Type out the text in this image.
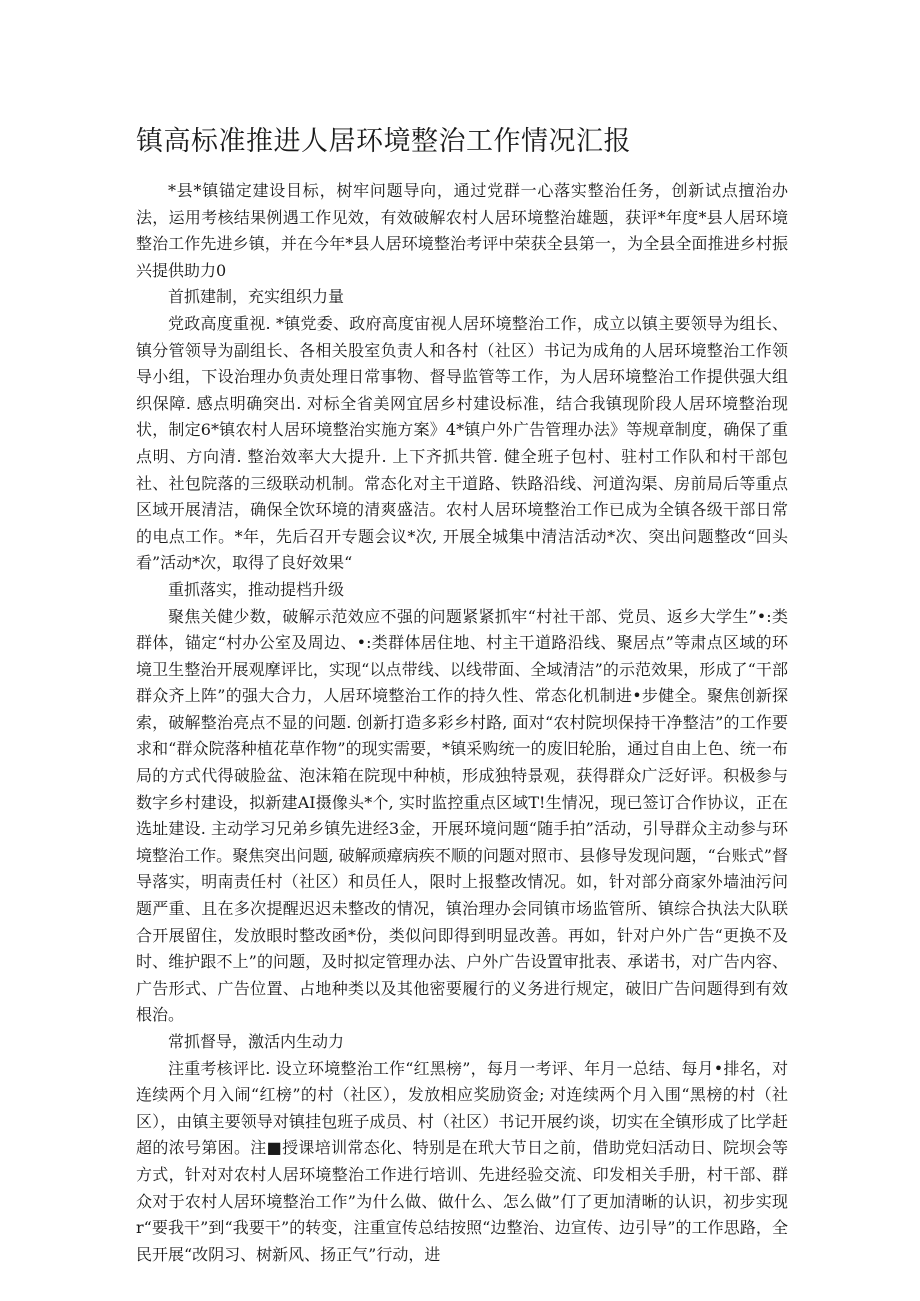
镇高标准推进人居环境整治工作情况汇报

*县*镇锚定建设目标，树牢问题导向，通过党群一心落实整治任务，创新试点擅治办法，运用考核结果例遇工作见效，有效破解农村人居环境整治雄题，获评*年度*县人居环境整治工作先进乡镇，并在今年*县人居环境整治考评中荣获全县第一，为全县全面推进乡村振兴提供助力0

首抓建制，充实组织力量

党政高度重视. *镇党委、政府高度宙视人居环境整治工作，成立以镇主要领导为组长、镇分管领导为副组长、各相关股室负责人和各村（社区）书记为成角的人居环境整治工作领导小组，下设治理办负责处理日常事物、督导监管等工作，为人居环境整治工作提供强大组织保障. 感点明确突出. 对标全省美网宜居乡村建设标准，结合我镇现阶段人居环境整治现状，制定6*镇农村人居环境整治实施方案》4*镇户外广告管理办法》等规章制度，确保了重点明、方向清. 整治效率大大提升. 上下齐抓共管. 健全班子包村、驻村工作队和村干部包社、社包院落的三级联动机制。常态化对主干道路、铁路沿线、河道沟渠、房前局后等重点区域开展清洁，确保全饮环境的清爽盛洁。农村人居环境整治工作已成为全镇各级干部日常的电点工作。*年，先后召开专题会议*次, 开展全城集中清洁活动*次、突出问题整改“回头看”活动*次，取得了良好效果“

重抓落实，推动提档升级

聚焦关健少数，破解示范效应不强的问题紧紧抓牢“村社干部、党员、返乡大学生”•:类群体，锚定“村办公室及周边、•:类群体居住地、村主干道路沿线、聚居点”等肃点区域的环境卫生整治开展观摩评比，实现“以点带线、以线带面、全域清洁”的示范效果，形成了“干部群众齐上阵”的强大合力，人居环境整治工作的持久性、常态化机制进•步健全。聚焦创新探索，破解整治亮点不显的问题. 创新打造多彩乡村路, 面对“农村院坝保持干净整洁”的工作要求和“群众院落种植花草作物”的现实需要，*镇采购统一的废旧轮胎，通过自由上色、统一布局的方式代得破脸盆、泡沫箱在院现中种桢，形成独特景观，获得群众广泛好评。积极参与数字乡村建设，拟新建AI摄像头*个, 实时监控重点区域T!生情况，现已签订合作协议，正在选址建设. 主动学习兄弟乡镇先进经3金，开展环境问题“随手拍”活动，引导群众主动参与环境整治工作。聚焦突出问题, 破解顽瘴病疾不顺的问题对照市、县修导发现问题，“台账式”督导落实，明南责任村（社区）和员任人，限时上报整改情况。如，针对部分商家外墙油污问题严重、且在多次提醒迟迟未整改的情况，镇治理办会同镇市场监管所、镇综合执法大队联合开展留住，发放眼时整改函*份，类似问即得到明显改善。再如，针对户外广告“更换不及时、维护跟不上”的问题，及时拟定管理办法、户外广告设置审批表、承诺书，对广告内容、广告形式、广告位置、占地种类以及其他密要履行的义务进行规定，破旧广告问题得到有效根治。

常抓督导，激活内生动力

注重考核评比. 设立环境整治工作“红黑榜”，每月一考评、年月一总结、每月•排名，对连续两个月入闹“红榜”的村（社区），发放相应奖励资金; 对连续两个月入围“黑榜的村（社区），由镇主要领导对镇挂包班子成员、村（社区）书记开展约谈，切实在全镇形成了比学赶超的浓号第困。注■授课培训常态化、特别是在玳大节日之前，借助党妇活动日、院坝会等方式，针对对农村人居环境整治工作进行培训、先进经验交流、印发相关手册，村干部、群众对于农村人居环境整治工作”为什么做、做什么、怎么做”仃了更加清晰的认识，初步实现r“要我干”到“我要干”的转变，注重宣传总结按照“边整治、边宣传、边引导”的工作思路，全民开展“改阴习、树新风、扬正气”行动，进
